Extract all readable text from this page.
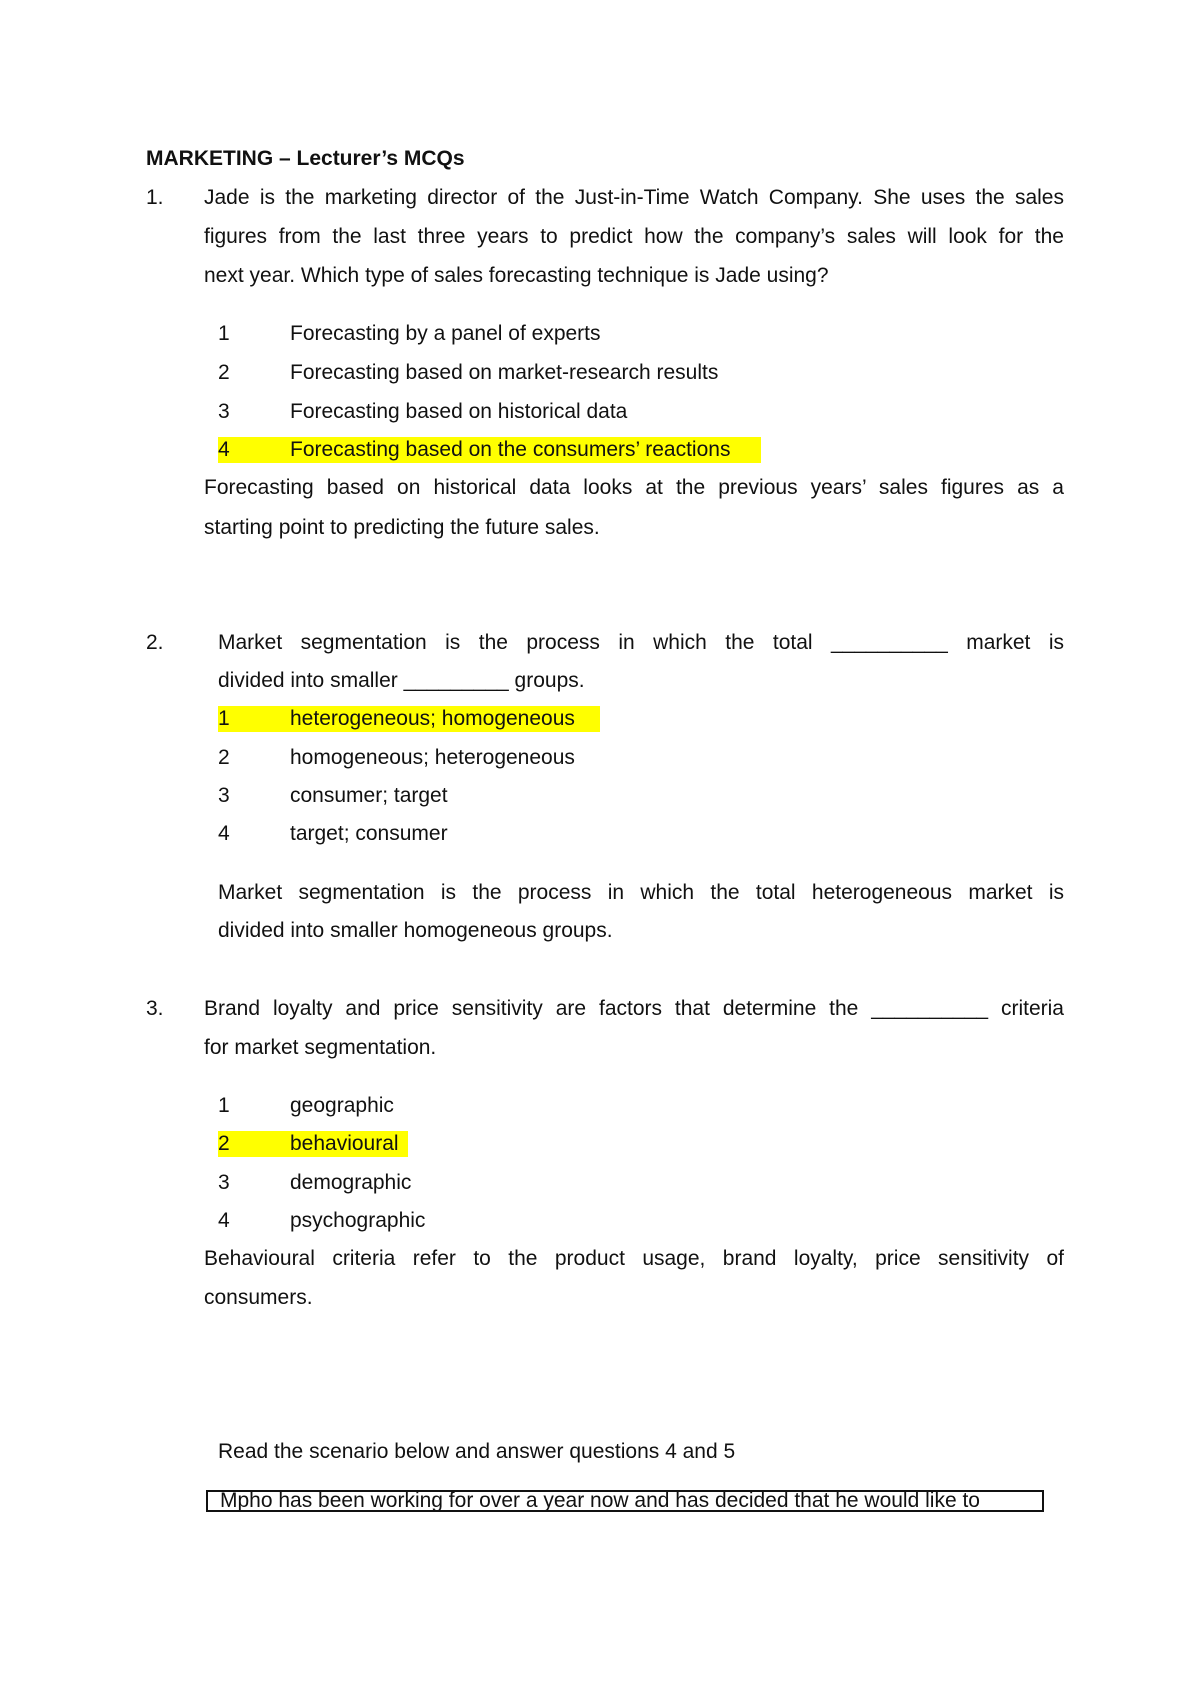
MARKETING – Lecturer’s MCQs
1. Jade is the marketing director of the Just-in-Time Watch Company. She uses the sales
figures from the last three years to predict how the company’s sales will look for the
next year. Which type of sales forecasting technique is Jade using?
1	Forecasting by a panel of experts
2	Forecasting based on market-research results
3	Forecasting based on historical data
4	Forecasting based on the consumers’ reactions
Forecasting based on historical data looks at the previous years’ sales figures as a
starting point to predicting the future sales.
2.	Market segmentation is the process in which the total __________ market is
divided into smaller _________ groups.
1	heterogeneous; homogeneous
2	homogeneous; heterogeneous
3	consumer; target
4	target; consumer
Market segmentation is the process in which the total heterogeneous market is
divided into smaller homogeneous groups.
3. Brand loyalty and price sensitivity are factors that determine the __________ criteria
for market segmentation.
1	geographic
2	behavioural
3	demographic
4	psychographic
Behavioural criteria refer to the product usage, brand loyalty, price sensitivity of
consumers.
Read the scenario below and answer questions 4 and 5
Mpho has been working for over a year now and has decided that he would like to
